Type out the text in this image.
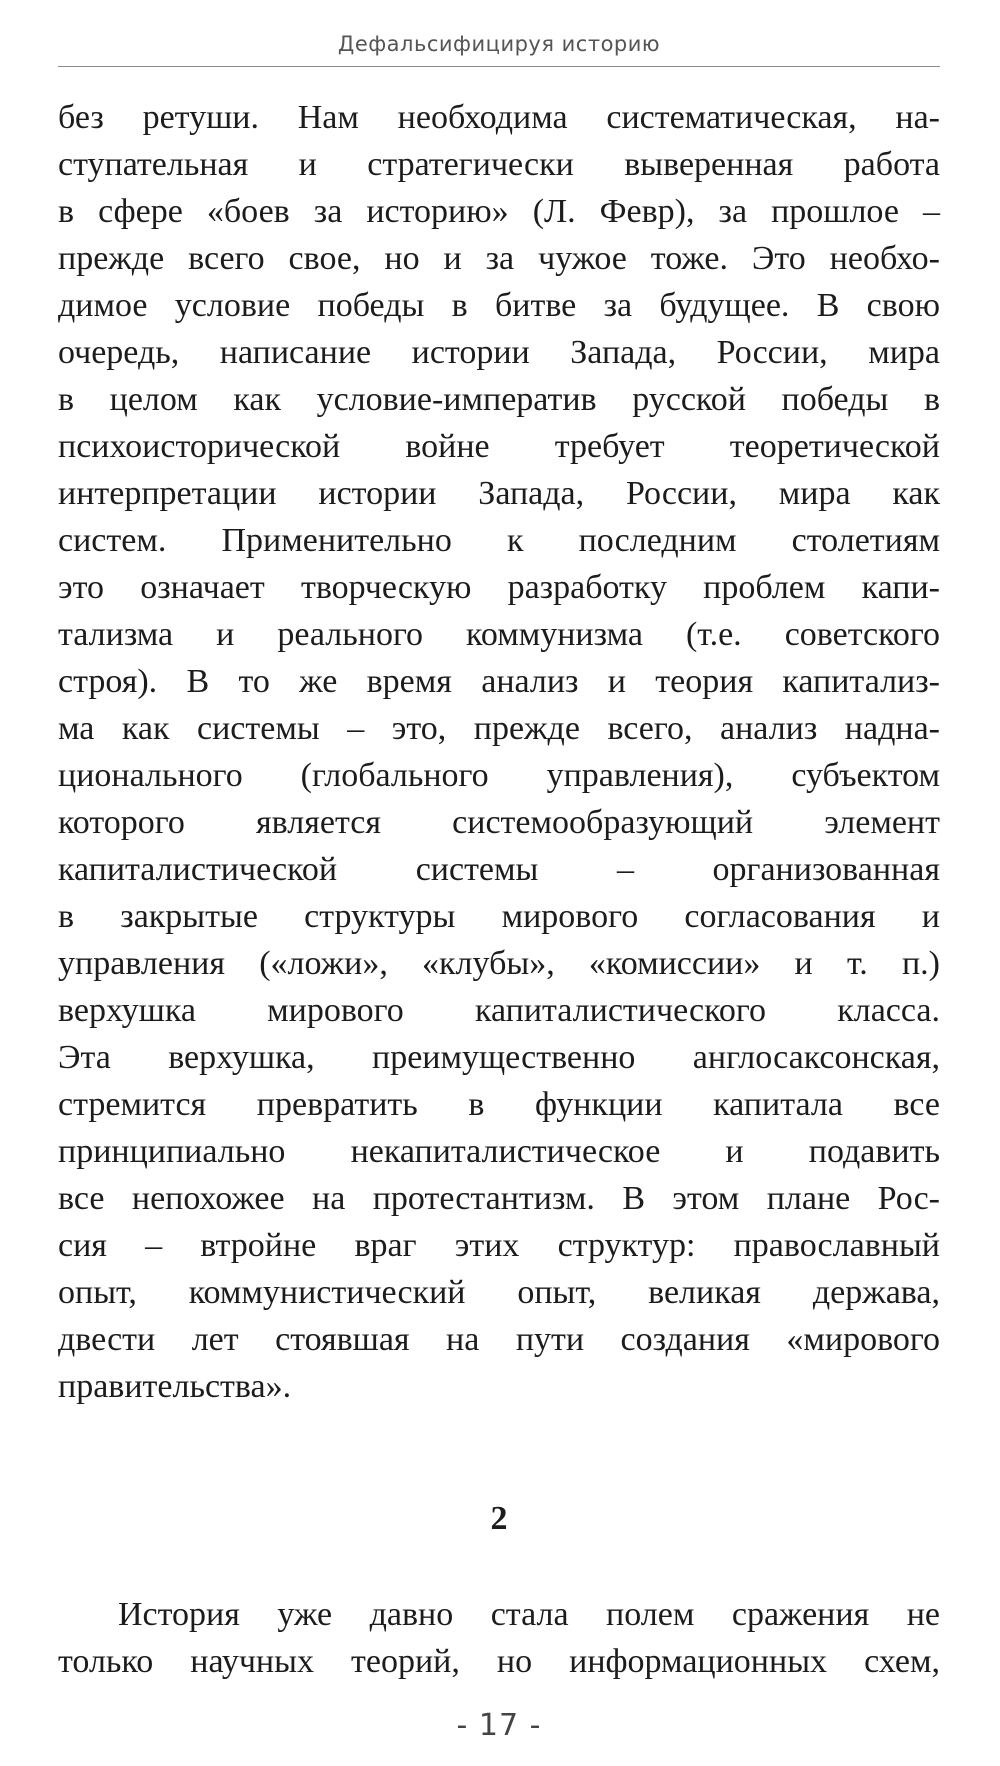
Дефальсифицируя историю
без ретуши. Нам необходима систематическая, на-
ступательная и стратегически выверенная работа
в сфере «боев за историю» (Л. Февр), за прошлое –
прежде всего свое, но и за чужое тоже. Это необхо-
димое условие победы в битве за будущее. В свою
очередь, написание истории Запада, России, мира
в целом как условие-императив русской победы в
психоисторической войне требует теоретической
интерпретации истории Запада, России, мира как
систем. Применительно к последним столетиям
это означает творческую разработку проблем капи-
тализма и реального коммунизма (т.е. советского
строя). В то же время анализ и теория капитализ-
ма как системы – это, прежде всего, анализ надна-
ционального (глобального управления), субъектом
которого является системообразующий элемент
капиталистической системы – организованная
в закрытые структуры мирового согласования и
управления («ложи», «клубы», «комиссии» и т. п.)
верхушка мирового капиталистического класса.
Эта верхушка, преимущественно англосаксонская,
стремится превратить в функции капитала все
принципиально некапиталистическое и подавить
все непохожее на протестантизм. В этом плане Рос-
сия – втройне враг этих структур: православный
опыт, коммунистический опыт, великая держава,
двести лет стоявшая на пути создания «мирового
правительства».
2
История уже давно стала полем сражения не
только научных теорий, но информационных схем,
- 17 -
